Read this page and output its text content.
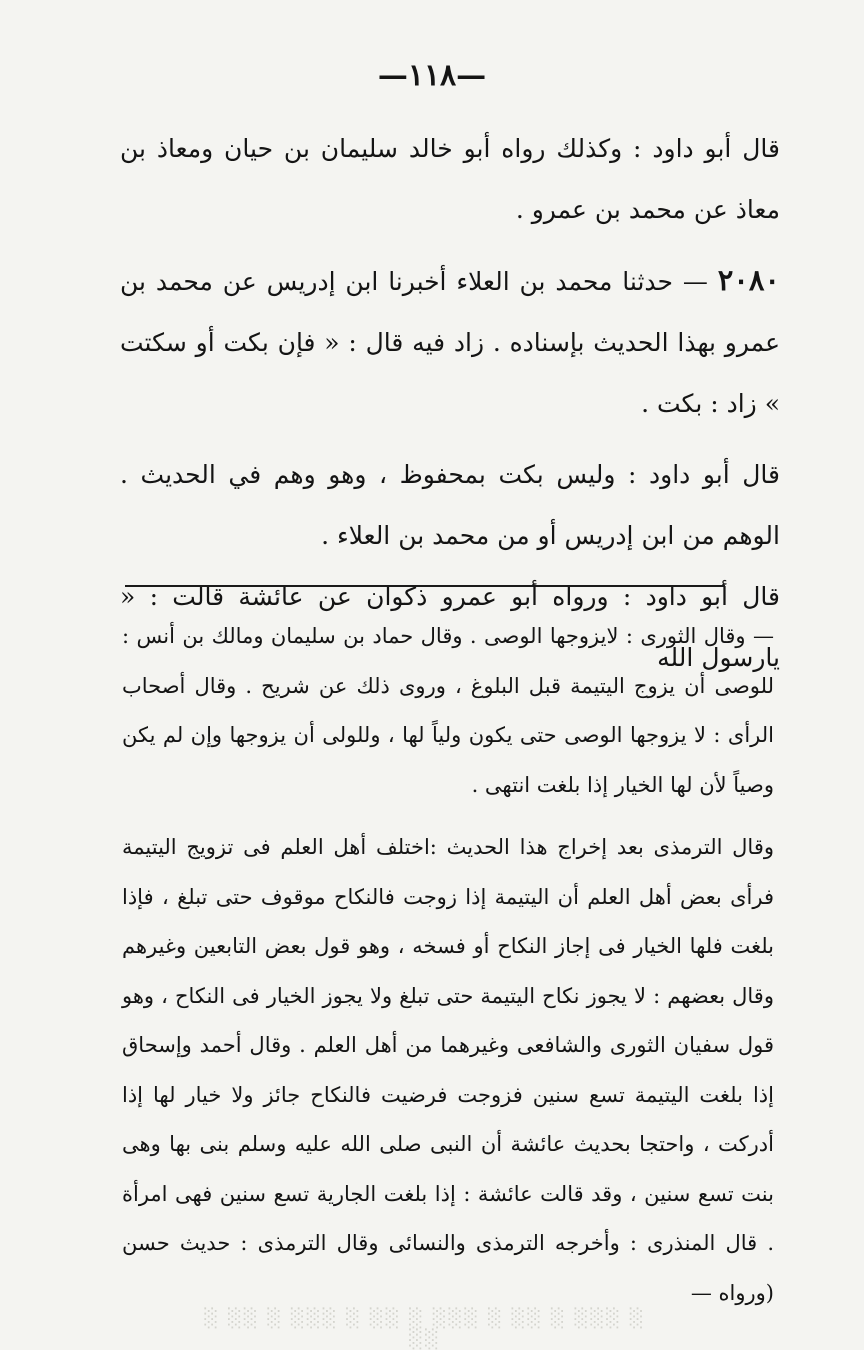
—١١٨—

قال أبو داود : وكذلك رواه أبو خالد سليمان بن حيان ومعاذ بن معاذ عن محمد بن عمرو .

٢٠٨٠ — حدثنا محمد بن العلاء أخبرنا ابن إدريس عن محمد بن عمرو بهذا الحديث بإسناده . زاد فيه قال : « فإن بكت أو سكتت » زاد : بكت .

قال أبو داود : وليس بكت بمحفوظ ، وهو وهم في الحديث . الوهم من ابن إدريس أو من محمد بن العلاء .

قال أبو داود : ورواه أبو عمرو ذكوان عن عائشة قالت : « يارسول الله

— وقال الثورى : لايزوجها الوصى . وقال حماد بن سليمان ومالك بن أنس : للوصى أن يزوج اليتيمة قبل البلوغ ، وروى ذلك عن شريح . وقال أصحاب الرأى : لا يزوجها الوصى حتى يكون ولياً لها ، وللولى أن يزوجها وإن لم يكن وصياً لأن لها الخيار إذا بلغت انتهى .

وقال الترمذى بعد إخراج هذا الحديث :اختلف أهل العلم فى تزويج اليتيمة فرأى بعض أهل العلم أن اليتيمة إذا زوجت فالنكاح موقوف حتى تبلغ ، فإذا بلغت فلها الخيار فى إجاز النكاح أو فسخه ، وهو قول بعض التابعين وغيرهم وقال بعضهم : لا يجوز نكاح اليتيمة حتى تبلغ ولا يجوز الخيار فى النكاح ، وهو قول سفيان الثورى والشافعى وغيرهما من أهل العلم . وقال أحمد وإسحاق إذا بلغت اليتيمة تسع سنين فزوجت فرضيت فالنكاح جائز ولا خيار لها إذا أدركت ، واحتجا بحديث عائشة أن النبى صلى الله عليه وسلم بنى بها وهى بنت تسع سنين ، وقد قالت عائشة : إذا بلغت الجارية تسع سنين فهى امرأة . قال المنذرى : وأخرجه الترمذى والنسائى وقال الترمذى : حديث حسن (ورواه —

░ ░░ ░ ░░░ ░ ░░ ░ ░░░ ░ ░░ ░ ░░░ ░ ░░
